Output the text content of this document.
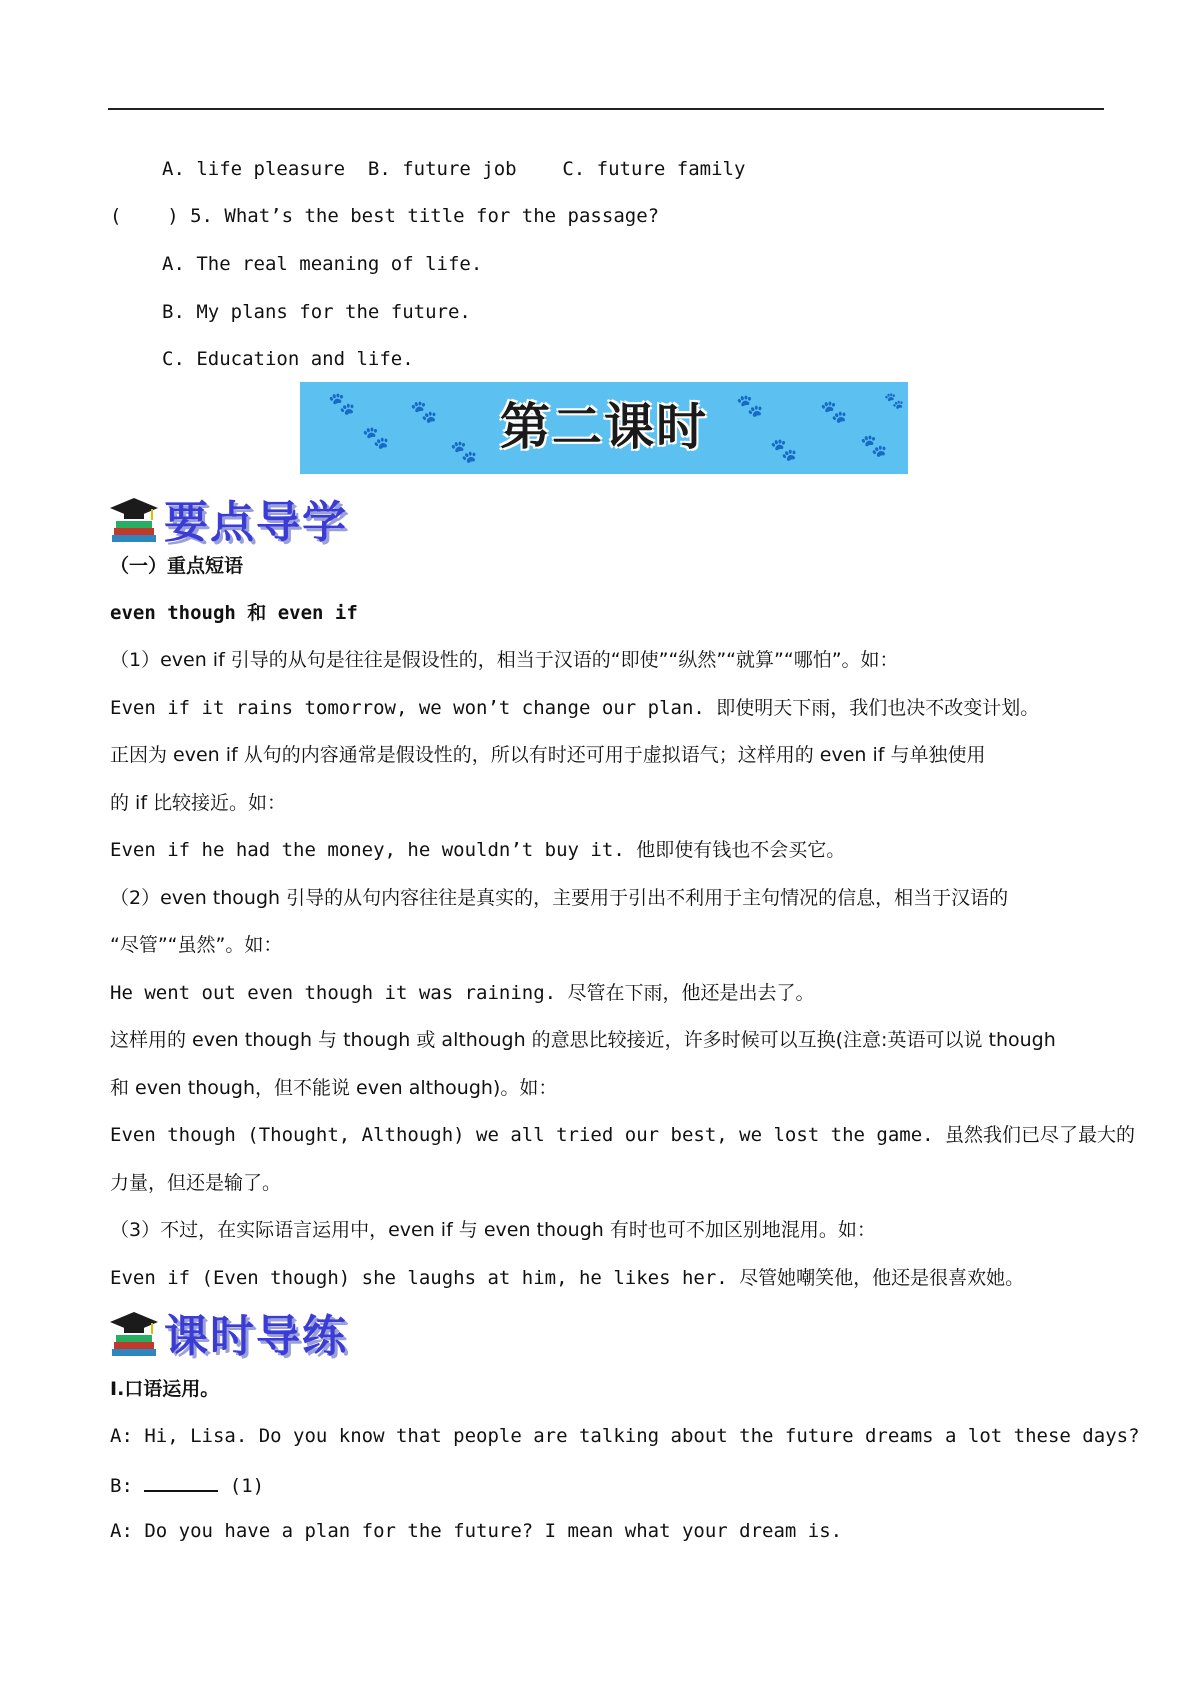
A. life pleasure  B. future job    C. future family
(    ) 5. What’s the best title for the passage?
A. The real meaning of life.
B. My plans for the future.
C. Education and life.
🐾
🐾
🐾
🐾
🐾
🐾
🐾
🐾
🐾
第二课时
要点导学
（一）重点短语
even though 和 even if
（1）even if 引导的从句是往往是假设性的，相当于汉语的“即使”“纵然”“就算”“哪怕”。如：
Even if it rains tomorrow, we won’t change our plan. 即使明天下雨，我们也决不改变计划。
正因为 even if 从句的内容通常是假设性的，所以有时还可用于虚拟语气；这样用的 even if 与单独使用
的 if 比较接近。如：
Even if he had the money, he wouldn’t buy it. 他即使有钱也不会买它。
（2）even though 引导的从句内容往往是真实的，主要用于引出不利用于主句情况的信息，相当于汉语的
“尽管”“虽然”。如：
He went out even though it was raining. 尽管在下雨，他还是出去了。
这样用的 even though 与 though 或 although 的意思比较接近，许多时候可以互换(注意:英语可以说 though
和 even though，但不能说 even although)。如：
Even though (Thought, Although) we all tried our best, we lost the game. 虽然我们已尽了最大的
力量，但还是输了。
（3）不过，在实际语言运用中，even if 与 even though 有时也可不加区别地混用。如：
Even if (Even though) she laughs at him, he likes her. 尽管她嘲笑他，他还是很喜欢她。
课时导练
Ⅰ.口语运用。
A: Hi, Lisa. Do you know that people are talking about the future dreams a lot these days?
B:	(1)
A: Do you have a plan for the future? I mean what your dream is.
